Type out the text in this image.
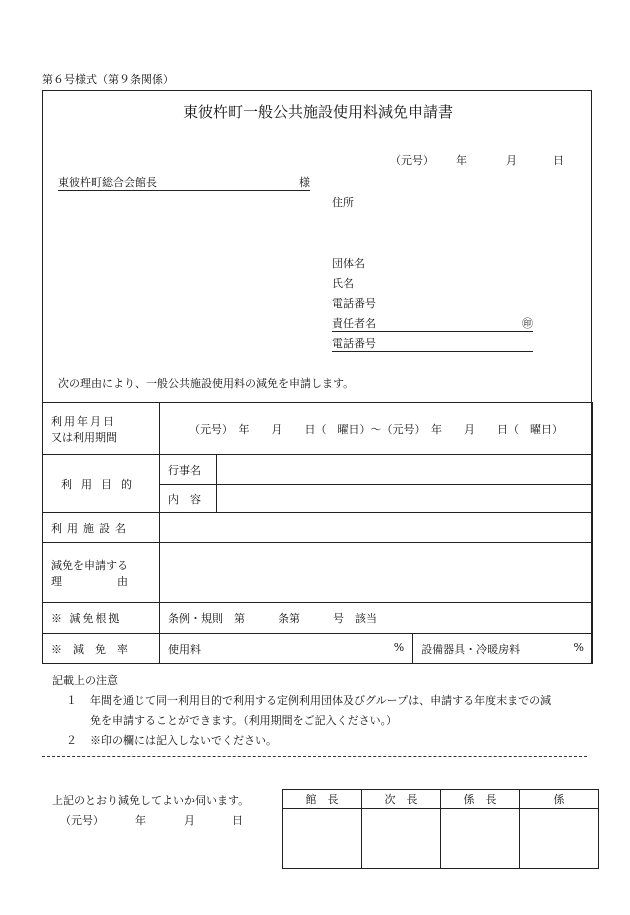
第６号様式（第９条関係）
東彼杵町一般公共施設使用料減免申請書
（元号） 年	月	日
東彼杵町総合会館長	様
住所
団体名
氏名
電話番号
責任者名	㊞
電話番号
次の理由により、一般公共施設使用料の減免を申請します。
利用年月日
又は利用期間	（元号）　年　　月　　日（　曜日）～（元号）　年　　月　　日（　曜日）		
利用目的	行事名		
	内　容		
利用施設名			

減免を申請する
理　　　　　由			

※ 減免根拠	条例・規則　第　　　条第　　　号　該当		
※　減　免　率	使用料 %		設備器具・冷暖房料 %
記載上の注意
１ 年間を通じて同一利用目的で利用する定例利用団体及びグループは、申請する年度末までの減
免を申請することができます。（利用期間をご記入ください。）
２ ※印の欄には記入しないでください。
上記のとおり減免してよいか伺います。
（元号）	年	月	日
館　長	次　長	係　長	係
